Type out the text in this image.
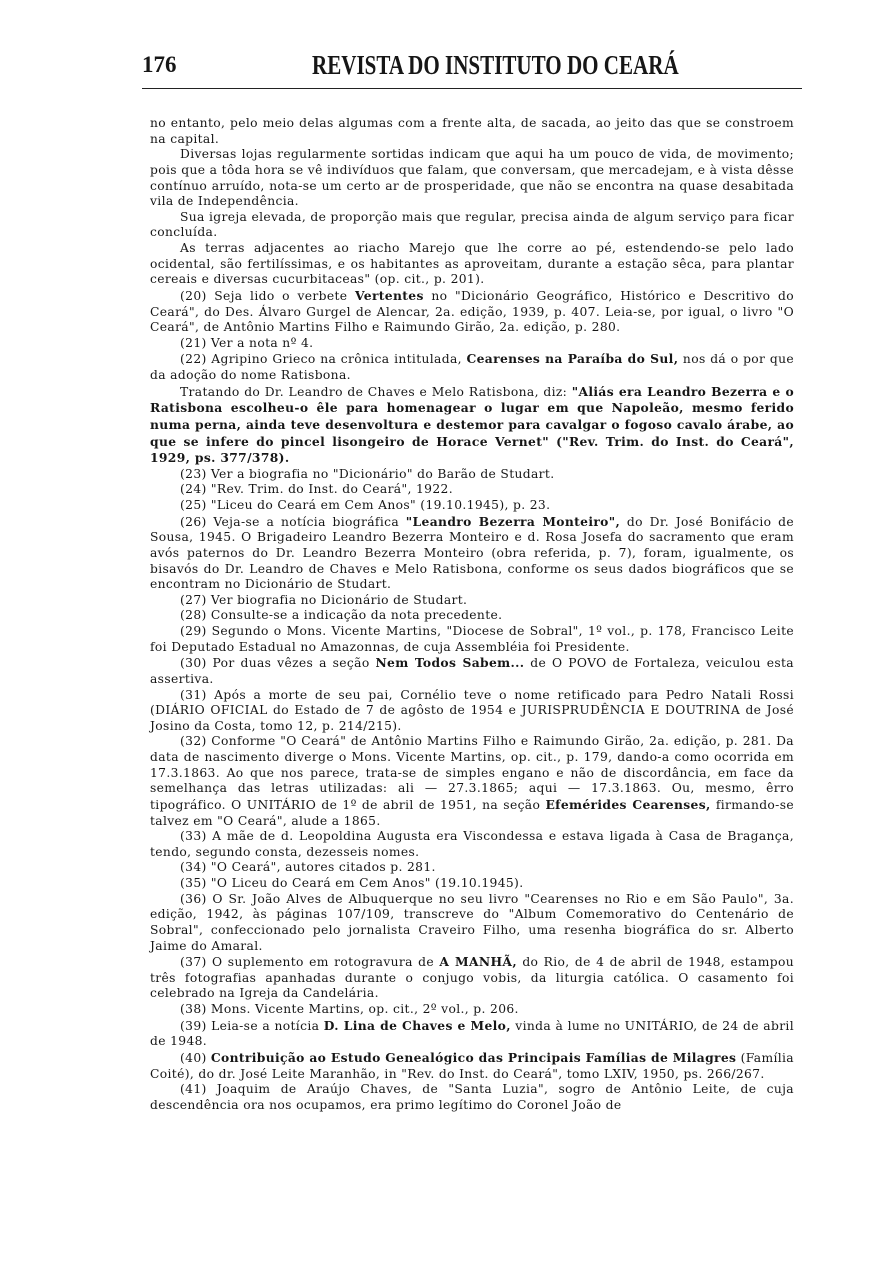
176	REVISTA DO INSTITUTO DO CEARÁ

no entanto, pelo meio delas algumas com a frente alta, de sacada, ao jeito das que se constroem na capital.

Diversas lojas regularmente sortidas indicam que aqui ha um pouco de vida, de movimento; pois que a tôda hora se vê indivíduos que falam, que conversam, que mercadejam, e à vista dêsse contínuo arruído, nota-se um certo ar de prosperidade, que não se encontra na quase desabitada vila de Independência.

Sua igreja elevada, de proporção mais que regular, precisa ainda de algum serviço para ficar concluída.

As terras adjacentes ao riacho Marejo que lhe corre ao pé, estendendo-se pelo lado ocidental, são fertilíssimas, e os habitantes as aproveitam, durante a estação sêca, para plantar cereais e diversas cucurbitaceas" (op. cit., p. 201).

(20) Seja lido o verbete Vertentes no "Dicionário Geográfico, Histórico e Descritivo do Ceará", do Des. Álvaro Gurgel de Alencar, 2a. edição, 1939, p. 407. Leia-se, por igual, o livro "O Ceará", de Antônio Martins Filho e Raimundo Girão, 2a. edição, p. 280.

(21) Ver a nota nº 4.

(22) Agripino Grieco na crônica intitulada, Cearenses na Paraíba do Sul, nos dá o por que da adoção do nome Ratisbona.

Tratando do Dr. Leandro de Chaves e Melo Ratisbona, diz: "Aliás era Leandro Bezerra e o Ratisbona escolheu-o êle para homenagear o lugar em que Napoleão, mesmo ferido numa perna, ainda teve desenvoltura e destemor para cavalgar o fogoso cavalo árabe, ao que se infere do pincel lisongeiro de Horace Vernet" ("Rev. Trim. do Inst. do Ceará", 1929, ps. 377/378).

(23) Ver a biografia no "Dicionário" do Barão de Studart.

(24) "Rev. Trim. do Inst. do Ceará", 1922.

(25) "Liceu do Ceará em Cem Anos" (19.10.1945), p. 23.

(26) Veja-se a notícia biográfica "Leandro Bezerra Monteiro", do Dr. José Bonifácio de Sousa, 1945. O Brigadeiro Leandro Bezerra Monteiro e d. Rosa Josefa do sacramento que eram avós paternos do Dr. Leandro Bezerra Monteiro (obra referida, p. 7), foram, igualmente, os bisavós do Dr. Leandro de Chaves e Melo Ratisbona, conforme os seus dados biográficos que se encontram no Dicionário de Studart.

(27) Ver biografia no Dicionário de Studart.

(28) Consulte-se a indicação da nota precedente.

(29) Segundo o Mons. Vicente Martins, "Diocese de Sobral", 1º vol., p. 178, Francisco Leite foi Deputado Estadual no Amazonnas, de cuja Assembléia foi Presidente.

(30) Por duas vêzes a seção Nem Todos Sabem... de O POVO de Fortaleza, veiculou esta assertiva.

(31) Após a morte de seu pai, Cornélio teve o nome retificado para Pedro Natali Rossi (DIÁRIO OFICIAL do Estado de 7 de agôsto de 1954 e JURISPRUDÊNCIA E DOUTRINA de José Josino da Costa, tomo 12, p. 214/215).

(32) Conforme "O Ceará" de Antônio Martins Filho e Raimundo Girão, 2a. edição, p. 281. Da data de nascimento diverge o Mons. Vicente Martins, op. cit., p. 179, dando-a como ocorrida em 17.3.1863. Ao que nos parece, trata-se de simples engano e não de discordância, em face da semelhança das letras utilizadas: ali — 27.3.1865; aqui — 17.3.1863. Ou, mesmo, êrro tipográfico. O UNITÁRIO de 1º de abril de 1951, na seção Efemérides Cearenses, firmando-se talvez em "O Ceará", alude a 1865.

(33) A mãe de d. Leopoldina Augusta era Viscondessa e estava ligada à Casa de Bragança, tendo, segundo consta, dezesseis nomes.

(34) "O Ceará", autores citados p. 281.

(35) "O Liceu do Ceará em Cem Anos" (19.10.1945).

(36) O Sr. João Alves de Albuquerque no seu livro "Cearenses no Rio e em São Paulo", 3a. edição, 1942, às páginas 107/109, transcreve do "Album Comemorativo do Centenário de Sobral", confeccionado pelo jornalista Craveiro Filho, uma resenha biográfica do sr. Alberto Jaime do Amaral.

(37) O suplemento em rotogravura de A MANHÃ, do Rio, de 4 de abril de 1948, estampou três fotografias apanhadas durante o conjugo vobis, da liturgia católica. O casamento foi celebrado na Igreja da Candelária.

(38) Mons. Vicente Martins, op. cit., 2º vol., p. 206.

(39) Leia-se a notícia D. Lina de Chaves e Melo, vinda à lume no UNITÁRIO, de 24 de abril de 1948.

(40) Contribuição ao Estudo Genealógico das Principais Famílias de Milagres (Família Coité), do dr. José Leite Maranhão, in "Rev. do Inst. do Ceará", tomo LXIV, 1950, ps. 266/267.

(41) Joaquim de Araújo Chaves, de "Santa Luzia", sogro de Antônio Leite, de cuja descendência ora nos ocupamos, era primo legítimo do Coronel João de
